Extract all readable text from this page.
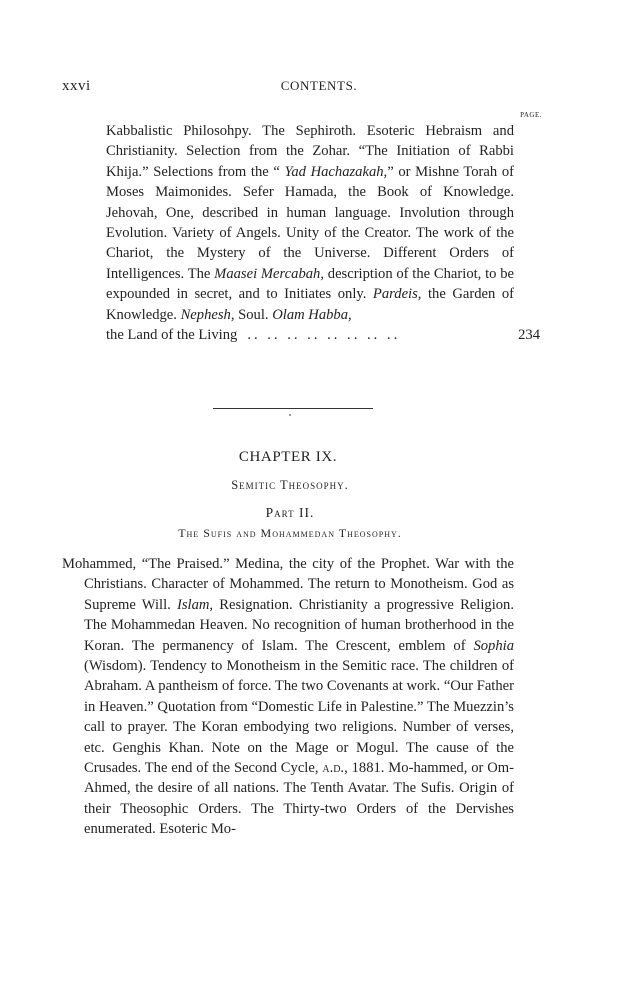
xxvi	CONTENTS.
PAGE.
Kabbalistic Philosohpy. The Sephiroth. Esoteric Hebraism and Christianity. Selection from the Zohar. “The Initiation of Rabbi Khija.” Selections from the “ Yad Hachazakah,” or Mishne Torah of Moses Maimonides. Sefer Hamada, the Book of Knowledge. Jehovah, One, described in human language. Involution through Evolution. Variety of Angels. Unity of the Creator. The work of the Chariot, the Mystery of the Universe. Different Orders of Intelligences. The Maasei Mercabah, description of the Chariot, to be expounded in secret, and to Initiates only. Pardeis, the Garden of Knowledge. Nephesh, Soul. Olam Habba,
the Land of the Living .. .. .. .. .. .. .. ..	234
CHAPTER IX.
Semitic Theosophy.
Part II.
The Sufis and Mohammedan Theosophy.
Mohammed, “The Praised.” Medina, the city of the Prophet. War with the Christians. Character of Mohammed. The return to Monotheism. God as Supreme Will. Islam, Resignation. Christianity a progressive Religion. The Mohammedan Heaven. No recognition of human brotherhood in the Koran. The permanency of Islam. The Crescent, emblem of Sophia (Wisdom). Tendency to Monotheism in the Semitic race. The children of Abraham. A pantheism of force. The two Covenants at work. “Our Father in Heaven.” Quotation from “Domestic Life in Palestine.” The Muezzin’s call to prayer. The Koran embodying two religions. Number of verses, etc. Genghis Khan. Note on the Mage or Mogul. The cause of the Crusades. The end of the Second Cycle, a.d., 1881. Mo-hammed, or Om-Ahmed, the desire of all nations. The Tenth Avatar. The Sufis. Origin of their Theosophic Orders. The Thirty-two Orders of the Dervishes enumerated. Esoteric Mo-
